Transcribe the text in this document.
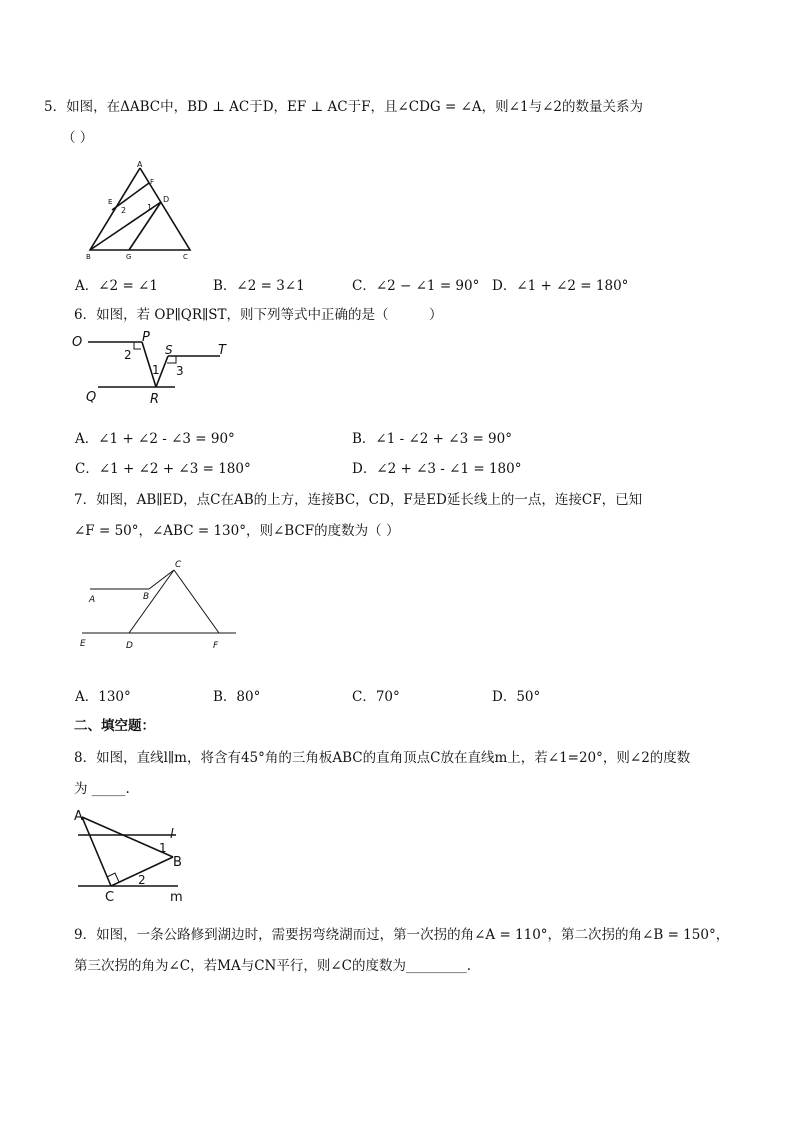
5．如图，在ΔABC中，BD ⊥ AC于D，EF ⊥ AC于F，且∠CDG = ∠A，则∠1与∠2的数量关系为
（ ）
A
F
E	D
2	1
B	G	C
A．∠2 = ∠1	B．∠2 = 3∠1	C．∠2 − ∠1 = 90° D．∠1 + ∠2 = 180°
6．如图，若 OP∥QR∥ST，则下列等式中正确的是（　　　）
O	P
S	T
2
1 3
Q	R
A．∠1 + ∠2 - ∠3 = 90°	B．∠1 - ∠2 + ∠3 = 90°
C．∠1 + ∠2 + ∠3 = 180°	D．∠2 + ∠3 - ∠1 = 180°
7．如图，AB∥ED，点C在AB的上方，连接BC，CD，F是ED延长线上的一点，连接CF，已知
∠F = 50°，∠ABC = 130°，则∠BCF的度数为（ ）
C
A	B
E	D	F
A．130°	B．80°	C．70°	D．50°
二、填空题：
8．如图，直线l∥m，将含有45°角的三角板ABC的直角顶点C放在直线m上，若∠1=20°，则∠2的度数
为 _____.
A
l
1
B
2
C	m
9．如图，一条公路修到湖边时，需要拐弯绕湖而过，第一次拐的角∠A = 110°，第二次拐的角∠B = 150°，
第三次拐的角为∠C，若MA与CN平行，则∠C的度数为_________.
